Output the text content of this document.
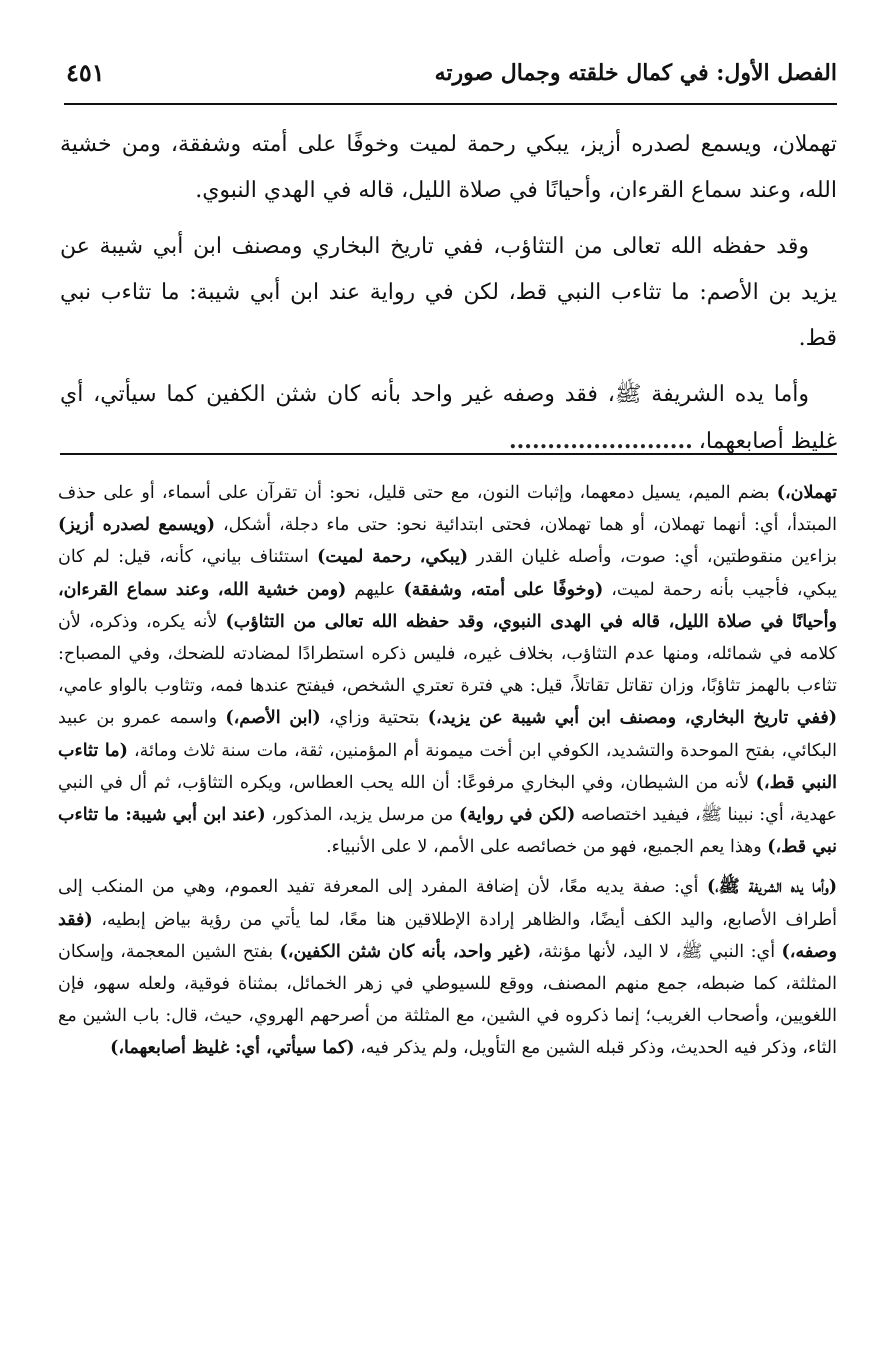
الفصل الأول: في كمال خلقته وجمال صورته
٤٥١

تهملان، ويسمع لصدره أزيز، يبكي رحمة لميت وخوفًا على أمته وشفقة، ومن خشية الله، وعند سماع القرءان، وأحيانًا في صلاة الليل، قاله في الهدي النبوي.

وقد حفظه الله تعالى من التثاؤب، ففي تاريخ البخاري ومصنف ابن أبي شيبة عن يزيد بن الأصم: ما تثاءب النبي قط، لكن في رواية عند ابن أبي شيبة: ما تثاءب نبي قط.

وأما يده الشريفة ﷺ، فقد وصفه غير واحد بأنه كان شثن الكفين كما سيأتي، أي غليظ أصابعهما،........................

تهملان،) بضم الميم، يسيل دمعهما، وإثبات النون، مع حتى قليل، نحو: أن تقرآن على أسماء، أو على حذف المبتدأ، أي: أنهما تهملان، أو هما تهملان، فحتى ابتدائية نحو: حتى ماء دجلة، أشكل، (ويسمع لصدره أزيز) بزاءين منقوطتين، أي: صوت، وأصله غليان القدر (يبكي، رحمة لميت) استئناف بياني، كأنه، قيل: لم كان يبكي، فأجيب بأنه رحمة لميت، (وخوفًا على أمته، وشفقة) عليهم (ومن خشية الله، وعند سماع القرءان، وأحيانًا في صلاة الليل، قاله في الهدى النبوي، وقد حفظه الله تعالى من التثاؤب) لأنه يكره، وذكره، لأن كلامه في شمائله، ومنها عدم التثاؤب، بخلاف غيره، فليس ذكره استطرادًا لمضادته للضحك، وفي المصباح: تثاءب بالهمز تثاؤبًا، وزان تقاتل تقاتلاً، قيل: هي فترة تعتري الشخص، فيفتح عندها فمه، وتثاوب بالواو عامي، (ففي تاريخ البخاري، ومصنف ابن أبي شيبة عن يزيد،) بتحتية وزاي، (ابن الأصم،) واسمه عمرو بن عبيد البكائي، بفتح الموحدة والتشديد، الكوفي ابن أخت ميمونة أم المؤمنين، ثقة، مات سنة ثلاث ومائة، (ما تثاءب النبي قط،) لأنه من الشيطان، وفي البخاري مرفوعًا: أن الله يحب العطاس، ويكره التثاؤب، ثم أل في النبي عهدية، أي: نبينا ﷺ، فيفيد اختصاصه (لكن في رواية) من مرسل يزيد، المذكور، (عند ابن أبي شيبة: ما تثاءب نبي قط،) وهذا يعم الجميع، فهو من خصائصه على الأمم، لا على الأنبياء.

(وأما يده الشريفة ﷺ،) أي: صفة يديه معًا، لأن إضافة المفرد إلى المعرفة تفيد العموم، وهي من المنكب إلى أطراف الأصابع، واليد الكف أيضًا، والظاهر إرادة الإطلاقين هنا معًا، لما يأتي من رؤية بياض إبطيه، (فقد وصفه،) أي: النبي ﷺ، لا اليد، لأنها مؤنثة، (غير واحد، بأنه كان شثن الكفين،) بفتح الشين المعجمة، وإسكان المثلثة، كما ضبطه، جمع منهم المصنف، ووقع للسيوطي في زهر الخمائل، بمثناة فوقية، ولعله سهو، فإن اللغويين، وأصحاب الغريب؛ إنما ذكروه في الشين، مع المثلثة من أصرحهم الهروي، حيث، قال: باب الشين مع الثاء، وذكر فيه الحديث، وذكر قبله الشين مع التأويل، ولم يذكر فيه، (كما سيأتي، أي: غليظ أصابعهما،)
